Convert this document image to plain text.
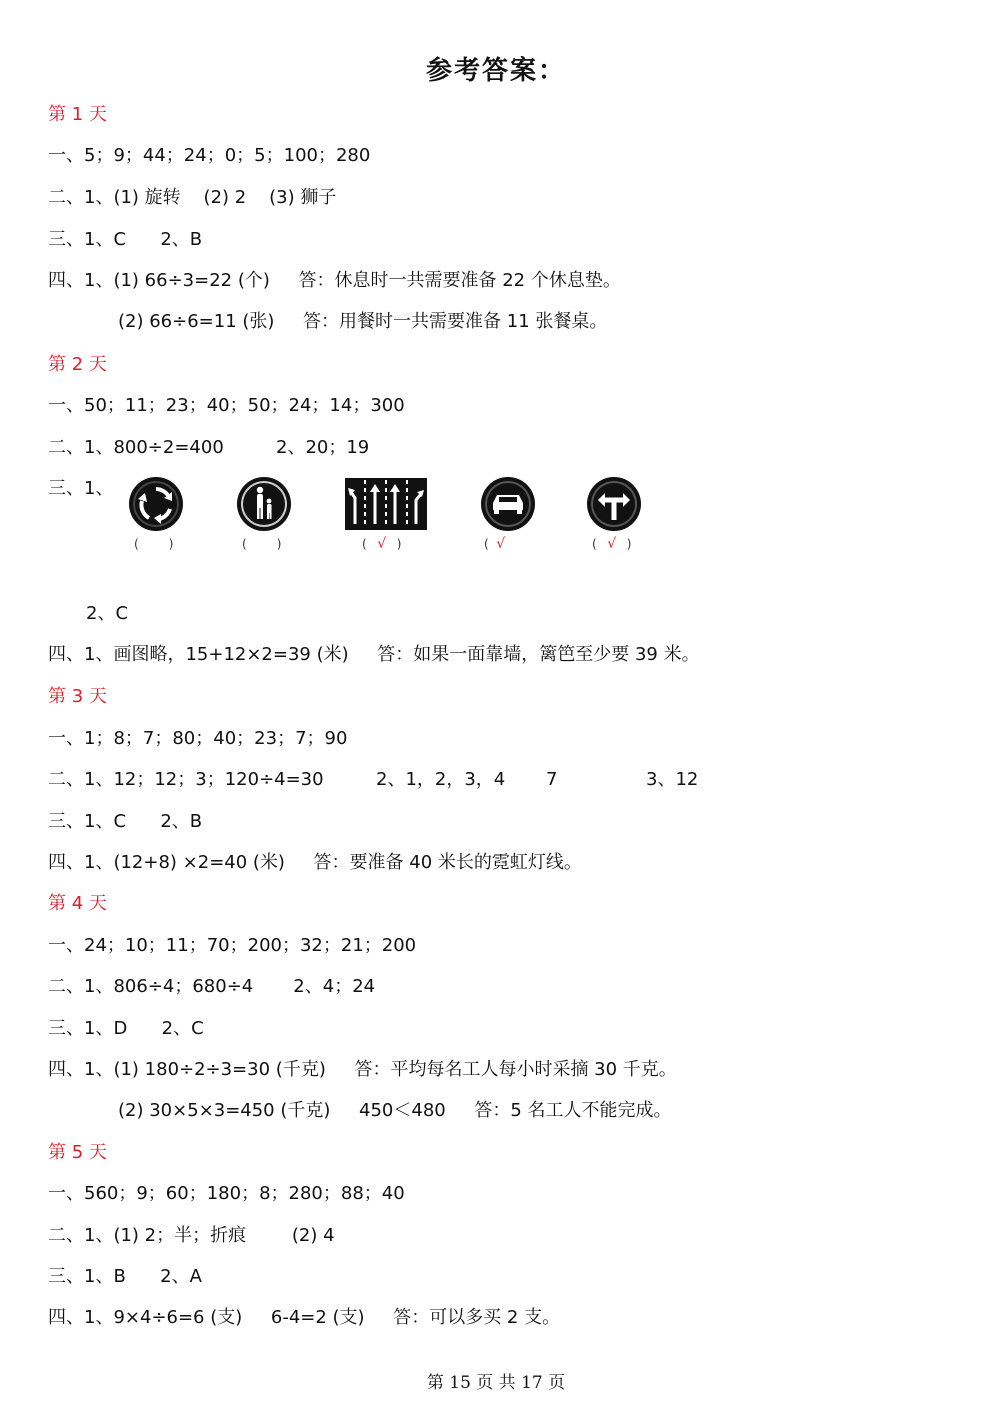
参考答案：
第 1 天
一、5；9；44；24；0；5；100；280
二、1、(1) 旋转    (2) 2    (3) 狮子
三、1、C      2、B
四、1、(1) 66÷3=22 (个)     答：休息时一共需要准备 22 个休息垫。
(2) 66÷6=11 (张)     答：用餐时一共需要准备 11 张餐桌。
第 2 天
一、50；11；23；40；50；24；14；300
二、1、800÷2=400	2、20；19
三、1、
(	)	(	)	( √ )	( √	( √ )
2、C
四、1、画图略，15+12×2=39 (米)     答：如果一面靠墙，篱笆至少要 39 米。
第 3 天
一、1；8；7；80；40；23；7；90
二、1、12；12；3；120÷4=30	2、1，2，3，4 7	3、12
三、1、C      2、B
四、1、(12+8) ×2=40 (米)     答：要准备 40 米长的霓虹灯线。
第 4 天
一、24；10；11；70；200；32；21；200
二、1、806÷4；680÷4       2、4；24
三、1、D      2、C
四、1、(1) 180÷2÷3=30 (千克)     答：平均每名工人每小时采摘 30 千克。
(2) 30×5×3=450 (千克)     450＜480     答：5 名工人不能完成。
第 5 天
一、560；9；60；180；8；280；88；40
二、1、(1) 2；半；折痕        (2) 4
三、1、B      2、A
四、1、9×4÷6=6 (支)     6-4=2 (支)     答：可以多买 2 支。
第 15 页 共 17 页
